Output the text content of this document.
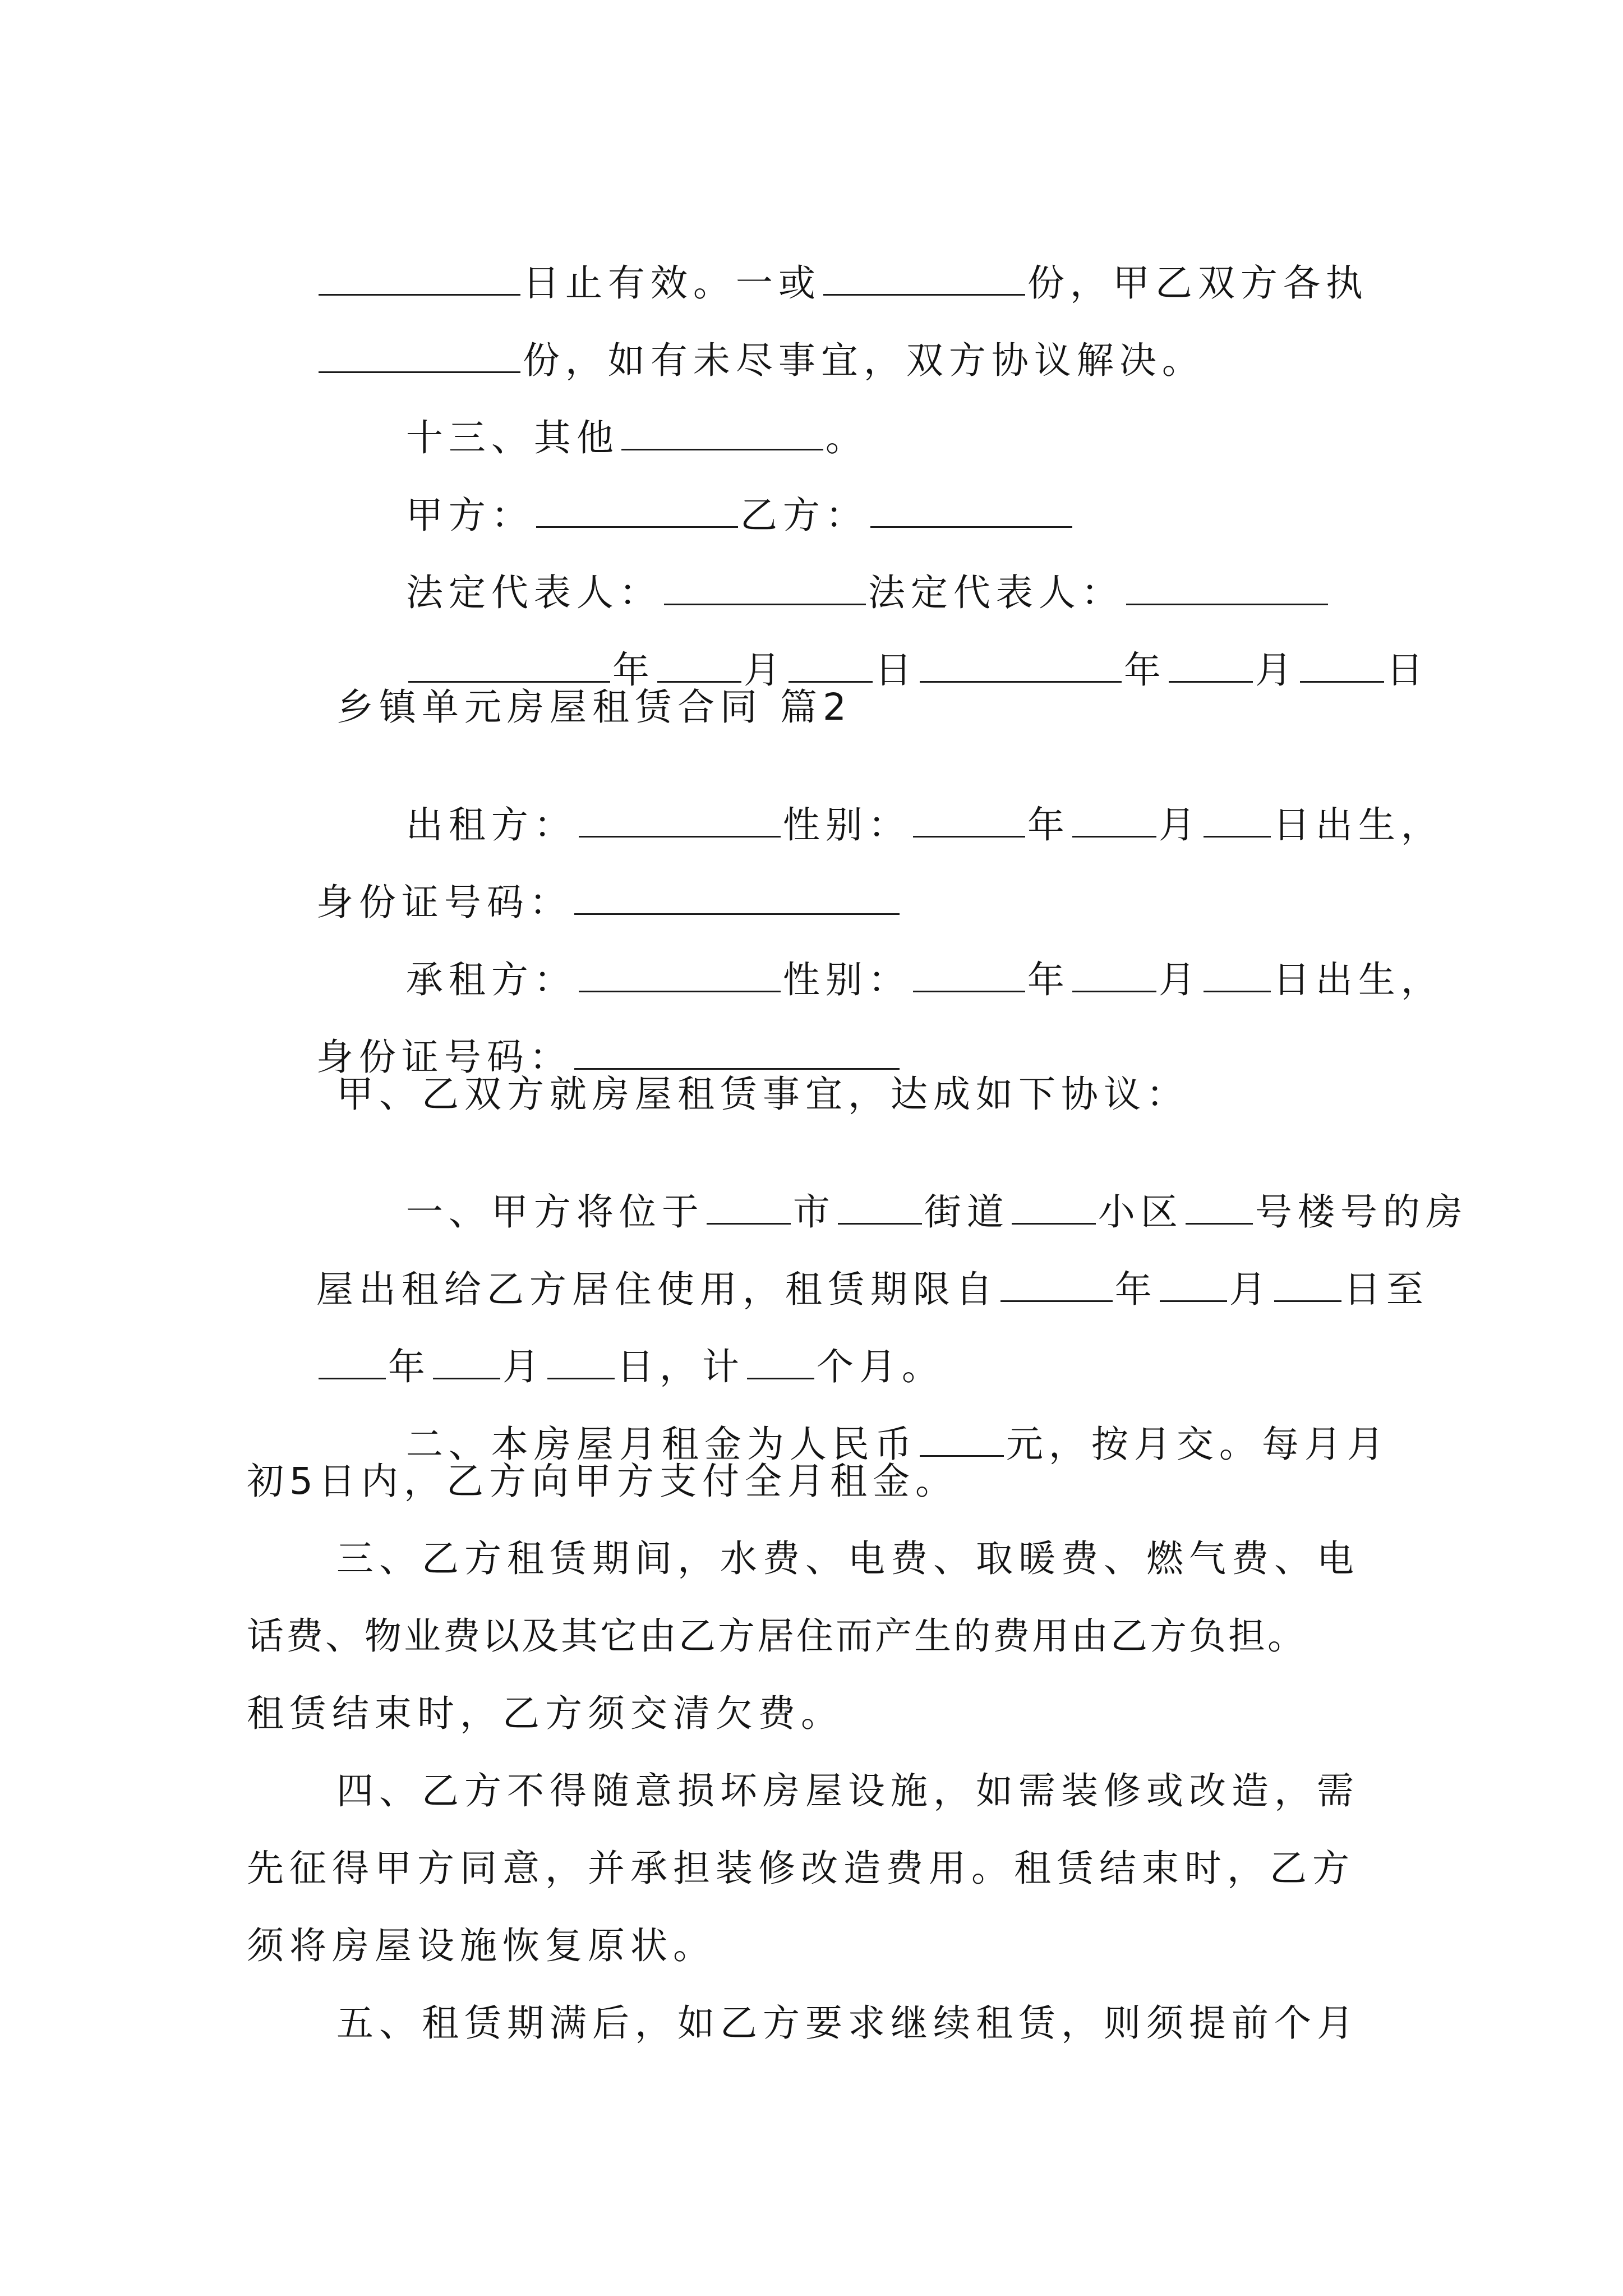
日止有效。一或	份，甲乙双方各执

份，如有未尽事宜，双方协议解决。

十三、其他	。

甲方：	乙方：

法定代表人：	法定代表人：

年 月 日	年 月 日

乡镇单元房屋租赁合同 篇2

出租方：	性别：	年 月 日出生，

身份证号码：

承租方：	性别：	年 月 日出生，

身份证号码：

甲、乙双方就房屋租赁事宜，达成如下协议：

一、甲方将位于 市 街道 小区 号楼号的房

屋出租给乙方居住使用，租赁期限自	年 月 日至

年 月 日，计 个月。

二、本房屋月租金为人民币 元，按月交。每月月

初5日内，乙方向甲方支付全月租金。
三、乙方租赁期间，水费、电费、取暖费、燃气费、电
话费、物业费以及其它由乙方居住而产生的费用由乙方负担。
租赁结束时，乙方须交清欠费。
四、乙方不得随意损坏房屋设施，如需装修或改造，需
先征得甲方同意，并承担装修改造费用。租赁结束时，乙方
须将房屋设施恢复原状。
五、租赁期满后，如乙方要求继续租赁，则须提前个月
